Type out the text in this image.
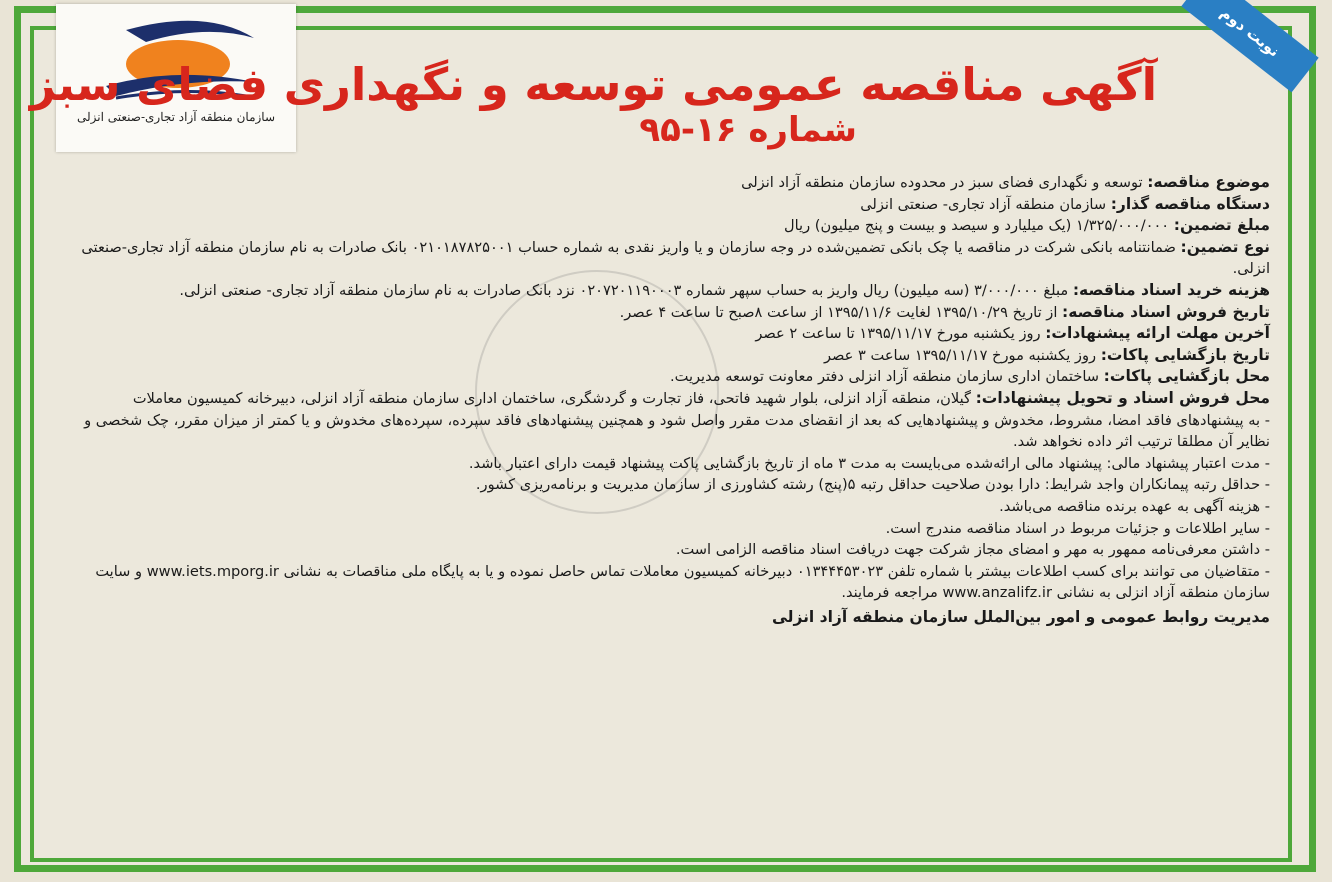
سازمان منطقه آزاد تجاری-صنعتی انزلی
نوبت دوم
آگهی مناقصه عمومی توسعه و نگهداری فضای سبز
شماره ۱۶-۹۵

موضوع مناقصه: توسعه و نگهداری فضای سبز در محدوده سازمان منطقه آزاد انزلی

دستگاه مناقصه گذار: سازمان منطقه آزاد تجاری- صنعتی انزلی

مبلغ تضمین: ۱/۳۲۵/۰۰۰/۰۰۰ (یک میلیارد و سیصد و بیست و پنج میلیون) ریال

نوع تضمین: ضمانتنامه بانکی شرکت در مناقصه یا چک بانکی تضمین‌شده در وجه سازمان و یا واریز نقدی به شماره حساب ۰۲۱۰۱۸۷۸۲۵۰۰۱ بانک صادرات به نام سازمان منطقه آزاد تجاری-صنعتی انزلی.

هزینه خرید اسناد مناقصه: مبلغ ۳/۰۰۰/۰۰۰ (سه میلیون) ریال واریز به حساب سپهر شماره ۰۲۰۷۲۰۱۱۹۰۰۰۳ نزد بانک صادرات به نام سازمان منطقه آزاد تجاری- صنعتی انزلی.

تاریخ فروش اسناد مناقصه: از تاریخ ۱۳۹۵/۱۰/۲۹ لغایت ۱۳۹۵/۱۱/۶ از ساعت ۸صبح تا ساعت ۴ عصر.

آخرین مهلت ارائه پیشنهادات: روز یکشنبه مورخ ۱۳۹۵/۱۱/۱۷ تا ساعت ۲ عصر

تاریخ بازگشایی پاکات: روز یکشنبه مورخ ۱۳۹۵/۱۱/۱۷ ساعت ۳ عصر

محل بازگشایی پاکات: ساختمان اداری سازمان منطقه آزاد انزلی دفتر معاونت توسعه مدیریت.

محل فروش اسناد و تحویل پیشنهادات: گیلان، منطقه آزاد انزلی، بلوار شهید فاتحی، فاز تجارت و گردشگری، ساختمان اداری سازمان منطقه آزاد انزلی، دبیرخانه کمیسیون معاملات

- به پیشنهادهای فاقد امضا، مشروط، مخدوش و پیشنهادهایی که بعد از انقضای مدت مقرر واصل شود و همچنین پیشنهادهای فاقد سپرده، سپرده‌های مخدوش و یا کمتر از میزان مقرر، چک شخصی و نظایر آن مطلقا ترتیب اثر داده نخواهد شد.

- مدت اعتبار پیشنهاد مالی: پیشنهاد مالی ارائه‌شده می‌بایست به مدت ۳ ماه از تاریخ بازگشایی پاکت پیشنهاد قیمت دارای اعتبار باشد.

- حداقل رتبه پیمانکاران واجد شرایط: دارا بودن صلاحیت حداقل رتبه ۵(پنج) رشته کشاورزی از سازمان مدیریت و برنامه‌ریزی کشور.

- هزینه آگهی به عهده برنده مناقصه می‌باشد.

- سایر اطلاعات و جزئیات مربوط در اسناد مناقصه مندرج است.

- داشتن معرفی‌نامه ممهور به مهر و امضای مجاز شرکت جهت دریافت اسناد مناقصه الزامی است.

- متقاضیان می توانند برای کسب اطلاعات بیشتر با شماره تلفن ۰۱۳۴۴۴۵۳۰۲۳ دبیرخانه کمیسیون معاملات تماس حاصل نموده و یا به پایگاه ملی مناقصات به نشانی www.iets.mporg.ir و سایت سازمان منطقه آزاد انزلی به نشانی www.anzalifz.ir مراجعه فرمایند.

مدیریت روابط عمومی و امور بین‌الملل سازمان منطقه آزاد انزلی
